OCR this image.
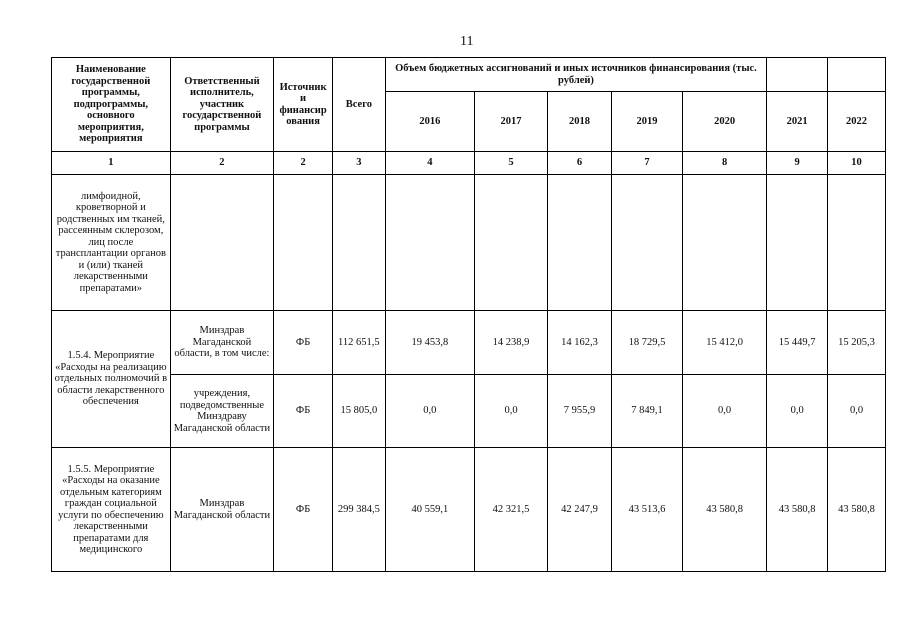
11
Наименование государственной программы, подпрограммы, основного мероприятия, мероприятия	Ответственный исполнитель, участник государственной программы	Источник и финансир ования	Всего	Объем бюджетных ассигнований и иных источников финансирования (тыс. рублей)						
				2016	2017	2018	2019	2020	2021	2022
1	2	2	3	4	5	6	7	8	9	10
лимфоидной, кроветворной и родственных им тканей, рассеянным склерозом, лиц после трансплантации органов и (или) тканей лекарственными препаратами»										
1.5.4. Мероприятие «Расходы на реализацию отдельных полномочий в области лекарственного обеспечения	Минздрав Магаданской области, в том числе:	ФБ	112 651,5	19 453,8	14 238,9	14 162,3	18 729,5	15 412,0	15 449,7	15 205,3
	учреждения, подведомственные Минздраву Магаданской области	ФБ	15 805,0	0,0	0,0	7 955,9	7 849,1	0,0	0,0	0,0
1.5.5. Мероприятие «Расходы на оказание отдельным категориям граждан социальной услуги по обеспечению лекарственными препаратами для медицинского	Минздрав Магаданской области	ФБ	299 384,5	40 559,1	42 321,5	42 247,9	43 513,6	43 580,8	43 580,8	43 580,8
